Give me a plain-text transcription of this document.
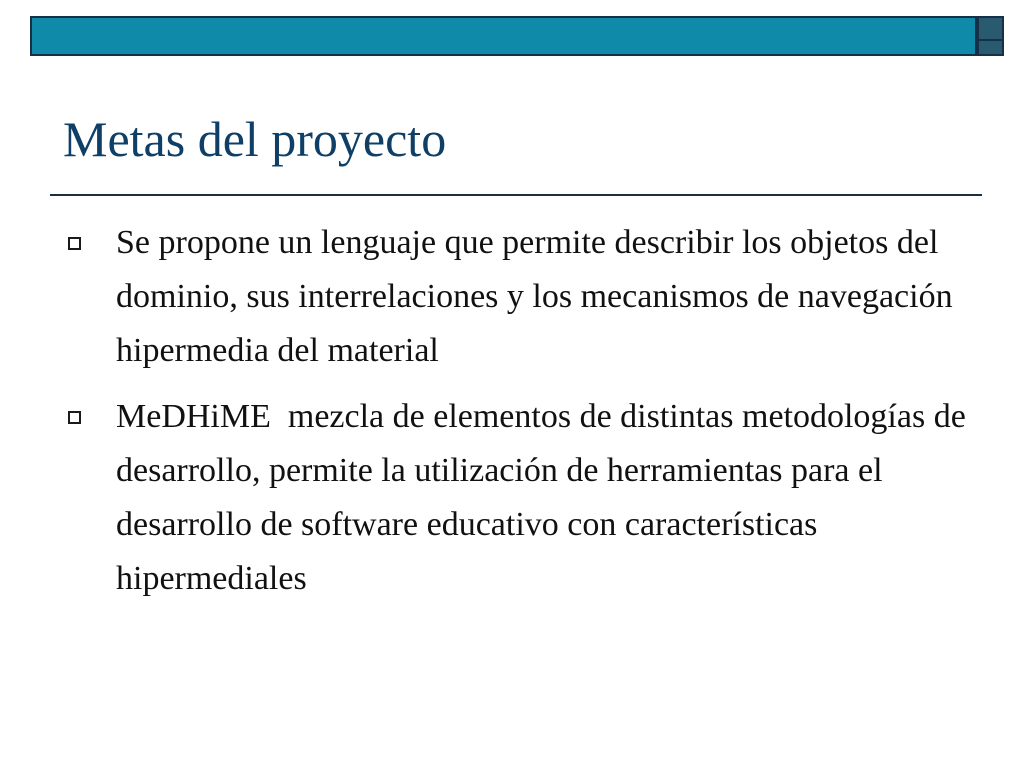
Metas del proyecto
Se propone un lenguaje que permite describir los objetos del dominio, sus interrelaciones y los mecanismos de navegación hipermedia del material
MeDHiME  mezcla de elementos de distintas metodologías de desarrollo, permite la utilización de herramientas para el desarrollo de software educativo con características hipermediales
